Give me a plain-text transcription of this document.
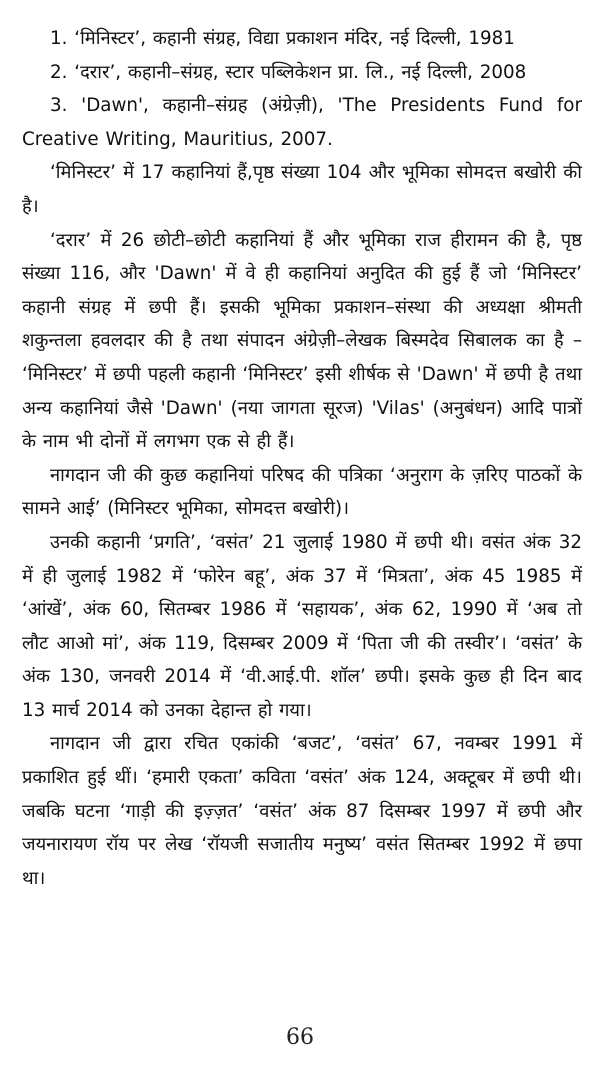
1. ‘मिनिस्टर’, कहानी संग्रह, विद्या प्रकाशन मंदिर, नई दिल्ली, 1981

2. ‘दरार’, कहानी–संग्रह, स्टार पब्लिकेशन प्रा. लि., नई दिल्ली, 2008

3. 'Dawn', कहानी–संग्रह (अंग्रेज़ी), 'The Presidents Fund for Creative Writing, Mauritius, 2007.

‘मिनिस्टर’ में 17 कहानियां हैं,पृष्ठ संख्या 104 और भूमिका सोमदत्त बखोरी की है।

‘दरार’ में 26 छोटी–छोटी कहानियां हैं और भूमिका राज हीरामन की है, पृष्ठ संख्या 116, और 'Dawn' में वे ही कहानियां अनुदित की हुई हैं जो ‘मिनिस्टर’ कहानी संग्रह में छपी हैं। इसकी भूमिका प्रकाशन–संस्था की अध्यक्षा श्रीमती शकुन्तला हवलदार की है तथा संपादन अंग्रेज़ी–लेखक बिस्मदेव सिबालक का है – ‘मिनिस्टर’ में छपी पहली कहानी ‘मिनिस्टर’ इसी शीर्षक से 'Dawn' में छपी है तथा अन्य कहानियां जैसे 'Dawn' (नया जागता सूरज) 'Vilas' (अनुबंधन) आदि पात्रों के नाम भी दोनों में लगभग एक से ही हैं।

नागदान जी की कुछ कहानियां परिषद की पत्रिका ‘अनुराग के ज़रिए पाठकों के सामने आई’ (मिनिस्टर भूमिका, सोमदत्त बखोरी)।

उनकी कहानी ‘प्रगति’, ‘वसंत’ 21 जुलाई 1980 में छपी थी। वसंत अंक 32 में ही जुलाई 1982 में ‘फोरेन बहू’, अंक 37 में ‘मित्रता’, अंक 45 1985 में ‘आंखें’, अंक 60, सितम्बर 1986 में ‘सहायक’, अंक 62, 1990 में ‘अब तो लौट आओ मां’, अंक 119, दिसम्बर 2009 में ‘पिता जी की तस्वीर’। ‘वसंत’ के अंक 130, जनवरी 2014 में ‘वी.आई.पी. शॉल’ छपी। इसके कुछ ही दिन बाद 13 मार्च 2014 को उनका देहान्त हो गया।

नागदान जी द्वारा रचित एकांकी ‘बजट’, ‘वसंत’ 67, नवम्बर 1991 में प्रकाशित हुई थीं। ‘हमारी एकता’ कविता ‘वसंत’ अंक 124, अक्टूबर में छपी थी। जबकि घटना ‘गाड़ी की इज़्ज़त’ ‘वसंत’ अंक 87 दिसम्बर 1997 में छपी और जयनारायण रॉय पर लेख ‘रॉयजी सजातीय मनुष्य’ वसंत सितम्बर 1992 में छपा था।

66
